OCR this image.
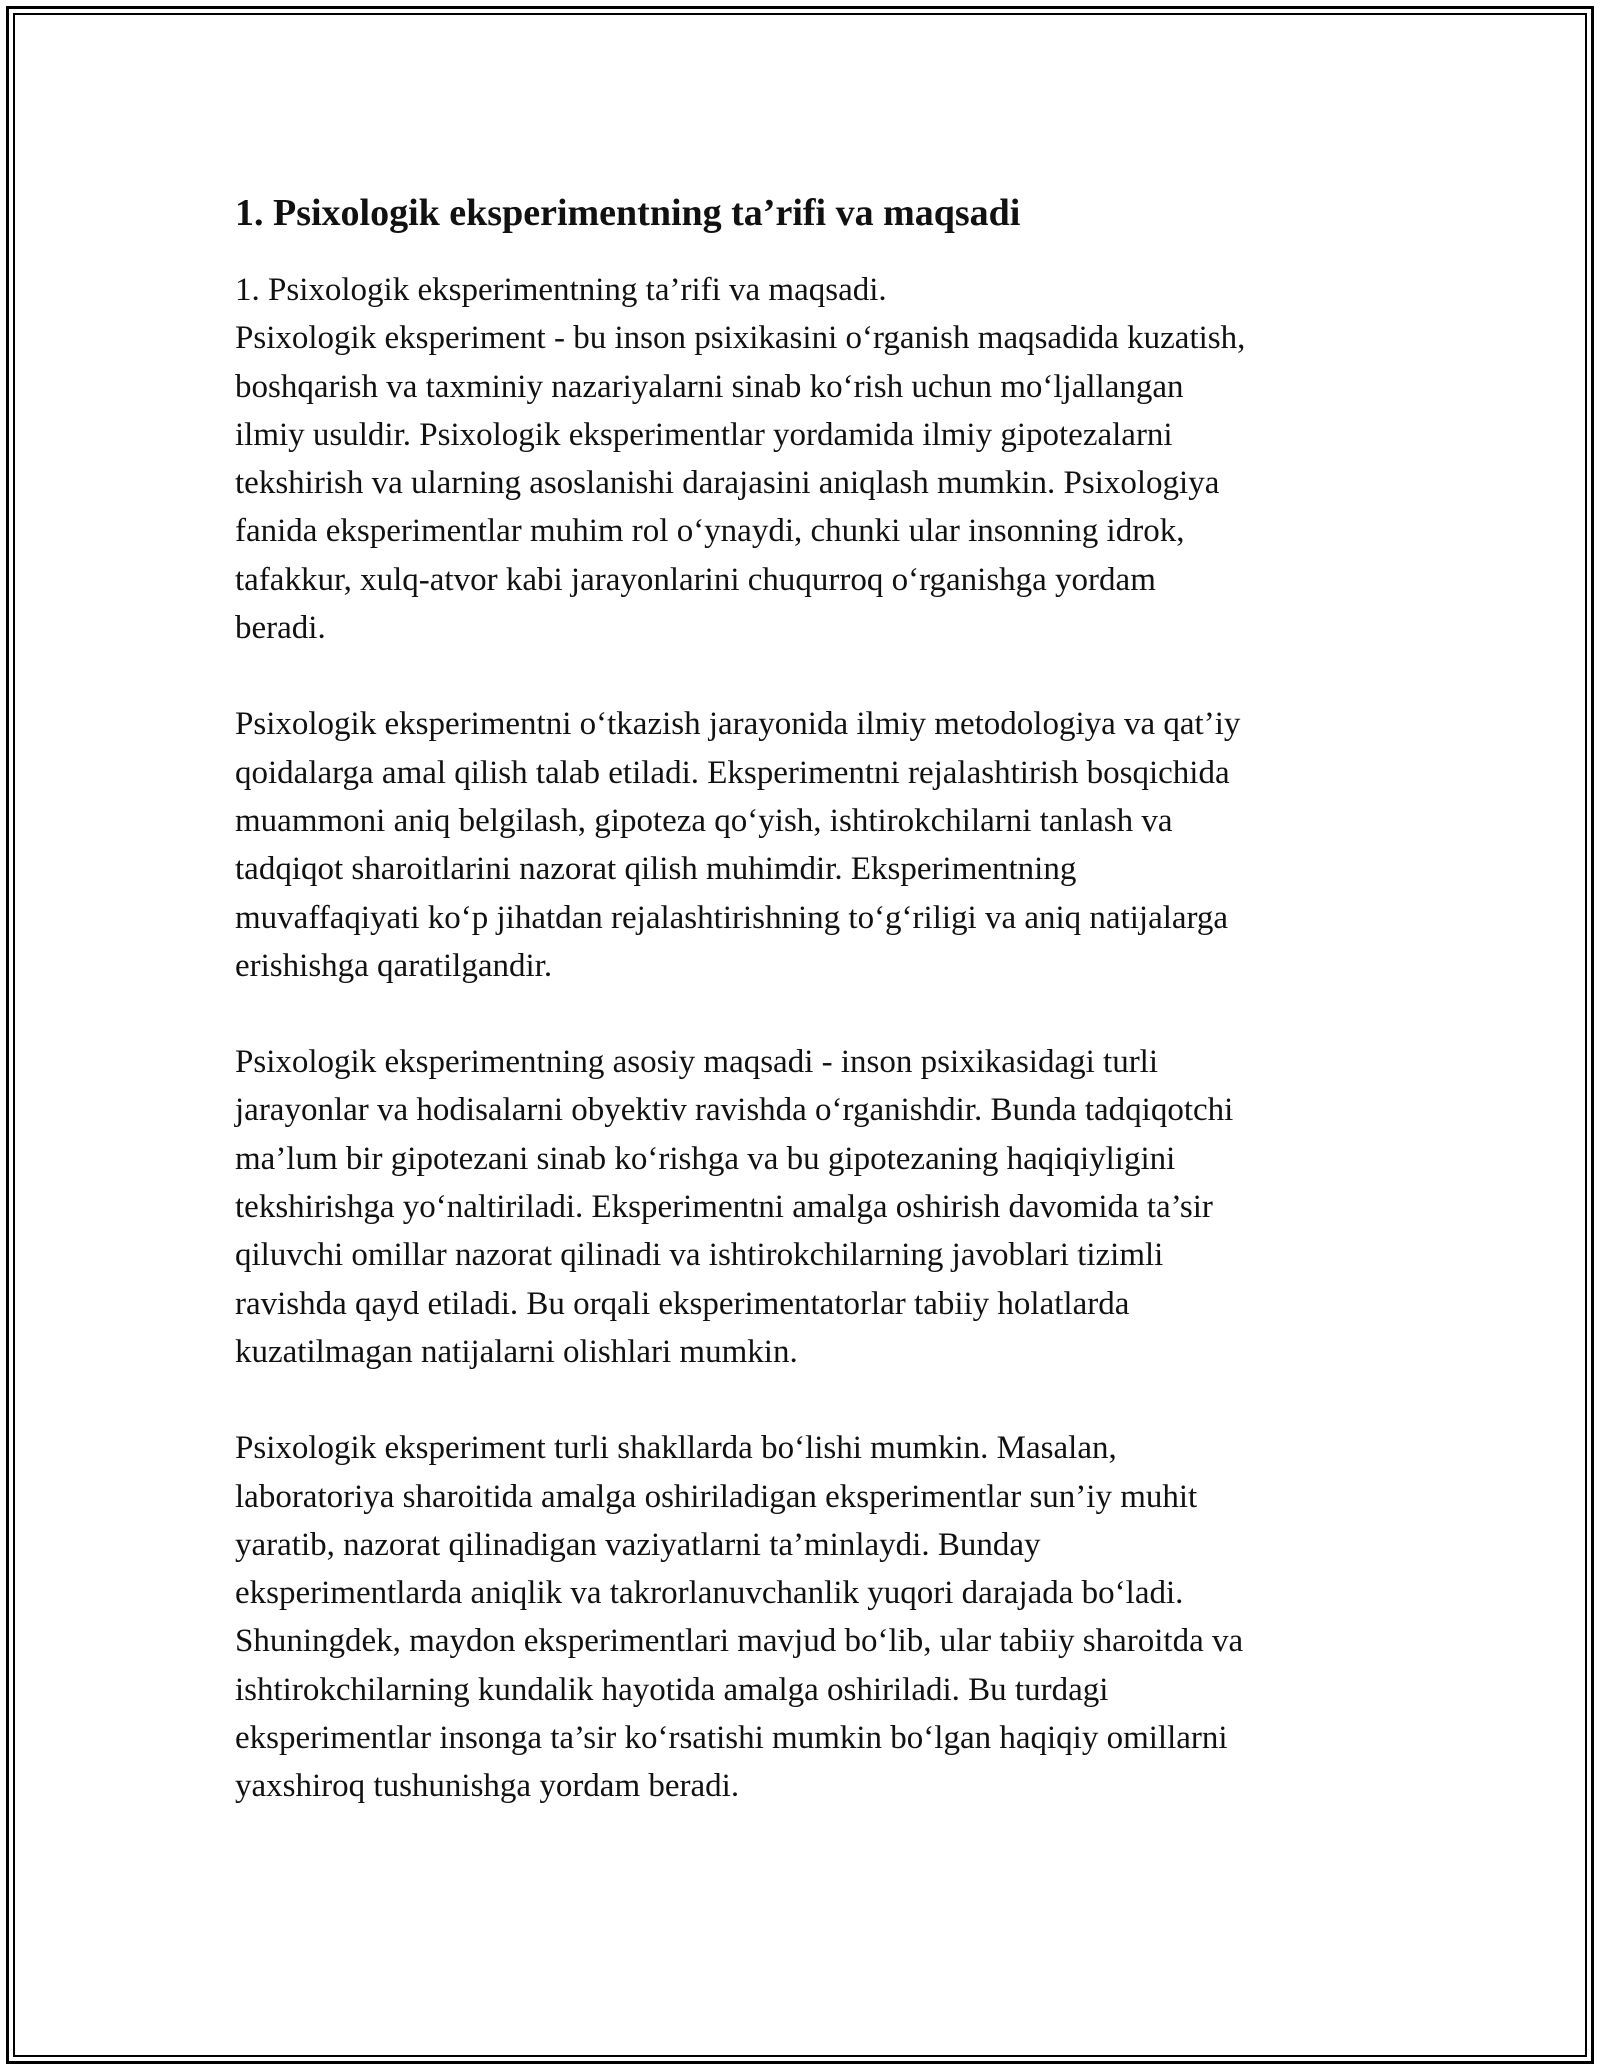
1. Psixologik eksperimentning ta’rifi va maqsadi
1. Psixologik eksperimentning ta’rifi va maqsadi.
Psixologik eksperiment - bu inson psixikasini o‘rganish maqsadida kuzatish,
boshqarish va taxminiy nazariyalarni sinab ko‘rish uchun mo‘ljallangan
ilmiy usuldir. Psixologik eksperimentlar yordamida ilmiy gipotezalarni
tekshirish va ularning asoslanishi darajasini aniqlash mumkin. Psixologiya
fanida eksperimentlar muhim rol o‘ynaydi, chunki ular insonning idrok,
tafakkur, xulq-atvor kabi jarayonlarini chuqurroq o‘rganishga yordam
beradi.
Psixologik eksperimentni o‘tkazish jarayonida ilmiy metodologiya va qat’iy
qoidalarga amal qilish talab etiladi. Eksperimentni rejalashtirish bosqichida
muammoni aniq belgilash, gipoteza qo‘yish, ishtirokchilarni tanlash va
tadqiqot sharoitlarini nazorat qilish muhimdir. Eksperimentning
muvaffaqiyati ko‘p jihatdan rejalashtirishning to‘g‘riligi va aniq natijalarga
erishishga qaratilgandir.
Psixologik eksperimentning asosiy maqsadi - inson psixikasidagi turli
jarayonlar va hodisalarni obyektiv ravishda o‘rganishdir. Bunda tadqiqotchi
ma’lum bir gipotezani sinab ko‘rishga va bu gipotezaning haqiqiyligini
tekshirishga yo‘naltiriladi. Eksperimentni amalga oshirish davomida ta’sir
qiluvchi omillar nazorat qilinadi va ishtirokchilarning javoblari tizimli
ravishda qayd etiladi. Bu orqali eksperimentatorlar tabiiy holatlarda
kuzatilmagan natijalarni olishlari mumkin.
Psixologik eksperiment turli shakllarda bo‘lishi mumkin. Masalan,
laboratoriya sharoitida amalga oshiriladigan eksperimentlar sun’iy muhit
yaratib, nazorat qilinadigan vaziyatlarni ta’minlaydi. Bunday
eksperimentlarda aniqlik va takrorlanuvchanlik yuqori darajada bo‘ladi.
Shuningdek, maydon eksperimentlari mavjud bo‘lib, ular tabiiy sharoitda va
ishtirokchilarning kundalik hayotida amalga oshiriladi. Bu turdagi
eksperimentlar insonga ta’sir ko‘rsatishi mumkin bo‘lgan haqiqiy omillarni
yaxshiroq tushunishga yordam beradi.
